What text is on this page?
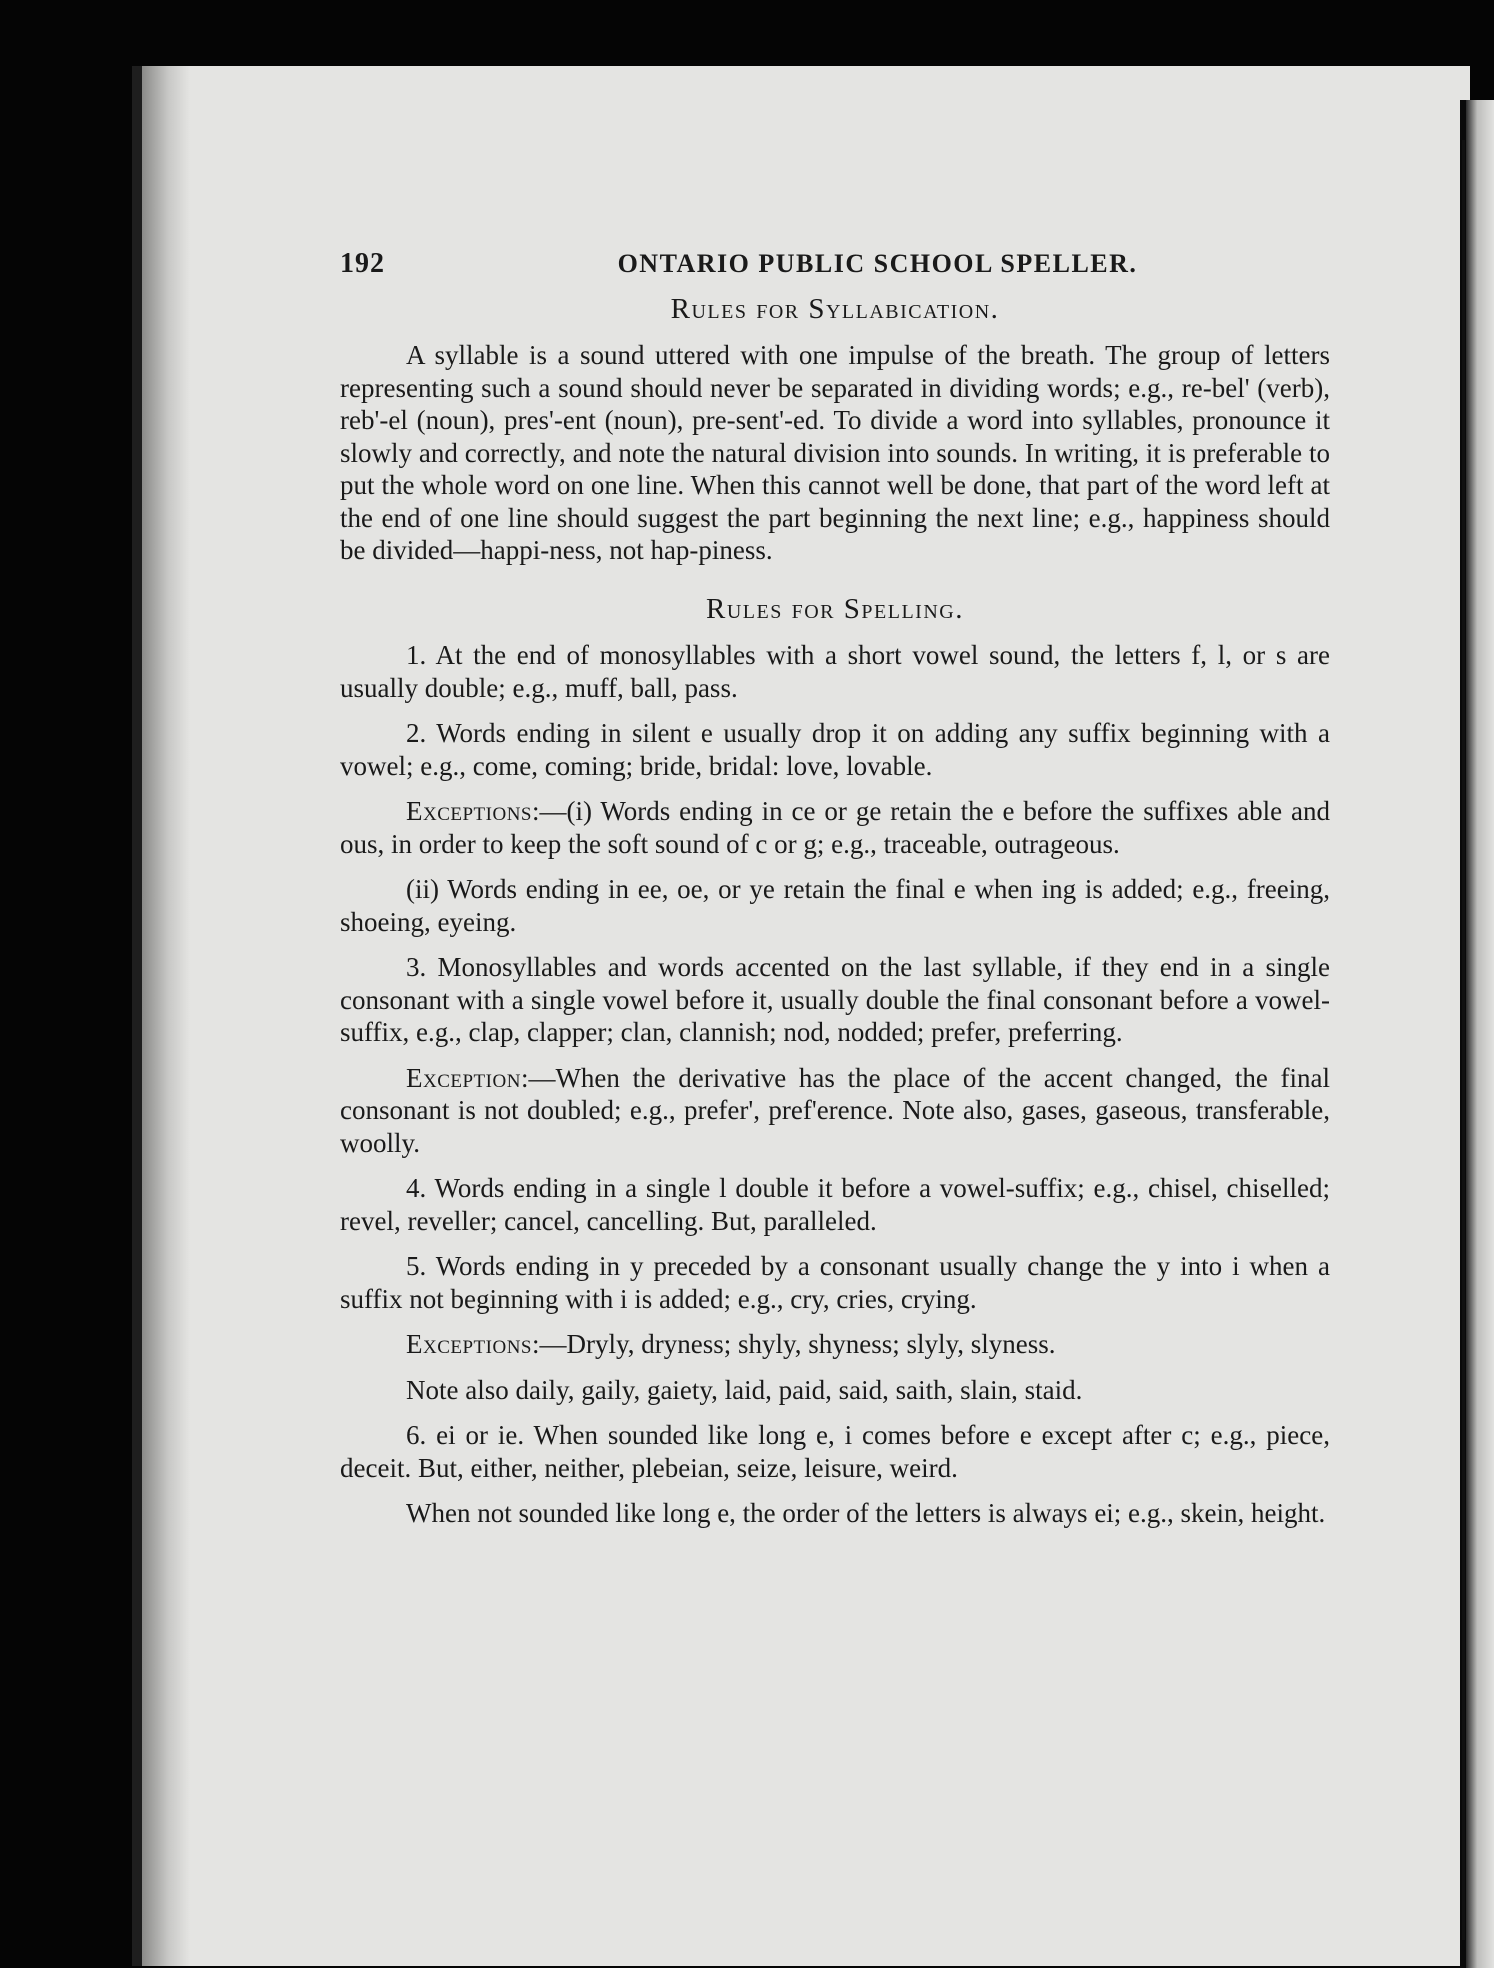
192	ONTARIO PUBLIC SCHOOL SPELLER.
Rules for Syllabication.

A syllable is a sound uttered with one impulse of the breath. The group of letters representing such a sound should never be separated in dividing words; e.g., re-bel' (verb), reb'-el (noun), pres'-ent (noun), pre-sent'-ed. To divide a word into syllables, pronounce it slowly and correctly, and note the natural division into sounds. In writing, it is preferable to put the whole word on one line. When this cannot well be done, that part of the word left at the end of one line should suggest the part beginning the next line; e.g., happiness should be divided—happi-ness, not hap-piness.

Rules for Spelling.

1. At the end of monosyllables with a short vowel sound, the letters f, l, or s are usually double; e.g., muff, ball, pass.

2. Words ending in silent e usually drop it on adding any suffix beginning with a vowel; e.g., come, coming; bride, bridal: love, lovable.

Exceptions:—(i) Words ending in ce or ge retain the e before the suffixes able and ous, in order to keep the soft sound of c or g; e.g., traceable, outrageous.

(ii) Words ending in ee, oe, or ye retain the final e when ing is added; e.g., freeing, shoeing, eyeing.

3. Monosyllables and words accented on the last syllable, if they end in a single consonant with a single vowel before it, usually double the final consonant before a vowel-suffix, e.g., clap, clapper; clan, clannish; nod, nodded; prefer, preferring.

Exception:—When the derivative has the place of the accent changed, the final consonant is not doubled; e.g., prefer', pref'erence. Note also, gases, gaseous, transferable, woolly.

4. Words ending in a single l double it before a vowel-suffix; e.g., chisel, chiselled; revel, reveller; cancel, cancelling. But, paralleled.

5. Words ending in y preceded by a consonant usually change the y into i when a suffix not beginning with i is added; e.g., cry, cries, crying.

Exceptions:—Dryly, dryness; shyly, shyness; slyly, slyness.

Note also daily, gaily, gaiety, laid, paid, said, saith, slain, staid.

6. ei or ie. When sounded like long e, i comes before e except after c; e.g., piece, deceit. But, either, neither, plebeian, seize, leisure, weird.

When not sounded like long e, the order of the letters is always ei; e.g., skein, height.
